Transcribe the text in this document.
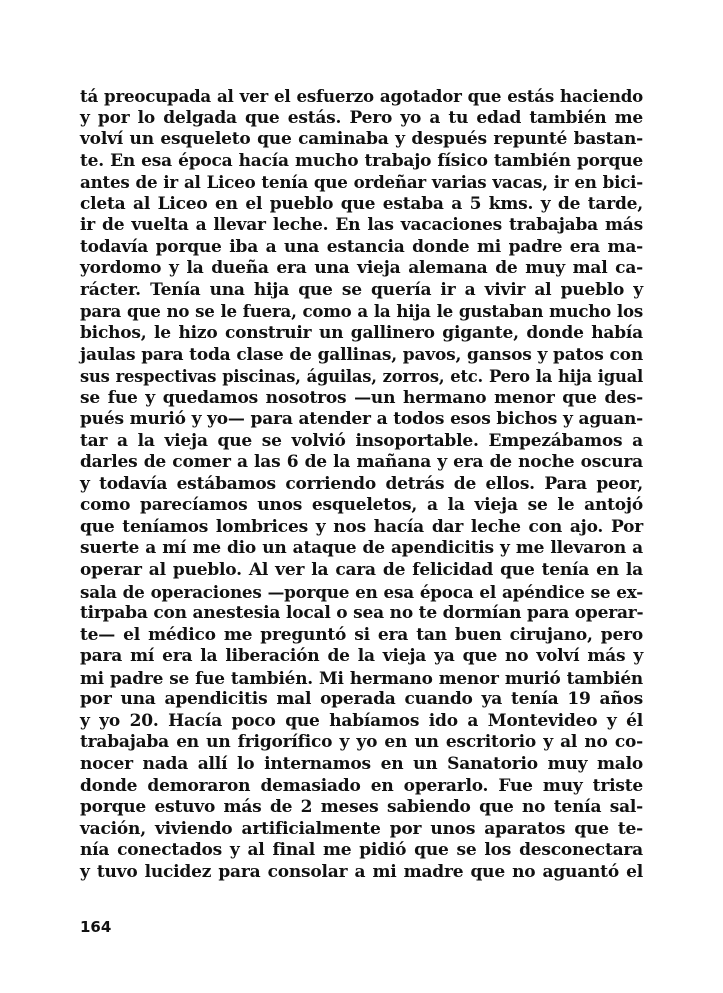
tá preocupada al ver el esfuerzo agotador que estás haciendo
y por lo delgada que estás. Pero yo a tu edad también me
volví un esqueleto que caminaba y después repunté bastan-
te. En esa época hacía mucho trabajo físico también porque
antes de ir al Liceo tenía que ordeñar varias vacas, ir en bici-
cleta al Liceo en el pueblo que estaba a 5 kms. y de tarde,
ir de vuelta a llevar leche. En las vacaciones trabajaba más
todavía porque iba a una estancia donde mi padre era ma-
yordomo y la dueña era una vieja alemana de muy mal ca-
rácter. Tenía una hija que se quería ir a vivir al pueblo y
para que no se le fuera, como a la hija le gustaban mucho los
bichos, le hizo construir un gallinero gigante, donde había
jaulas para toda clase de gallinas, pavos, gansos y patos con
sus respectivas piscinas, águilas, zorros, etc. Pero la hija igual
se fue y quedamos nosotros —un hermano menor que des-
pués murió y yo— para atender a todos esos bichos y aguan-
tar a la vieja que se volvió insoportable. Empezábamos a
darles de comer a las 6 de la mañana y era de noche oscura
y todavía estábamos corriendo detrás de ellos. Para peor,
como parecíamos unos esqueletos, a la vieja se le antojó
que teníamos lombrices y nos hacía dar leche con ajo. Por
suerte a mí me dio un ataque de apendicitis y me llevaron a
operar al pueblo. Al ver la cara de felicidad que tenía en la
sala de operaciones —porque en esa época el apéndice se ex-
tirpaba con anestesia local o sea no te dormían para operar-
te— el médico me preguntó si era tan buen cirujano, pero
para mí era la liberación de la vieja ya que no volví más y
mi padre se fue también. Mi hermano menor murió también
por una apendicitis mal operada cuando ya tenía 19 años
y yo 20. Hacía poco que habíamos ido a Montevideo y él
trabajaba en un frigorífico y yo en un escritorio y al no co-
nocer nada allí lo internamos en un Sanatorio muy malo
donde demoraron demasiado en operarlo. Fue muy triste
porque estuvo más de 2 meses sabiendo que no tenía sal-
vación, viviendo artificialmente por unos aparatos que te-
nía conectados y al final me pidió que se los desconectara
y tuvo lucidez para consolar a mi madre que no aguantó el
164
